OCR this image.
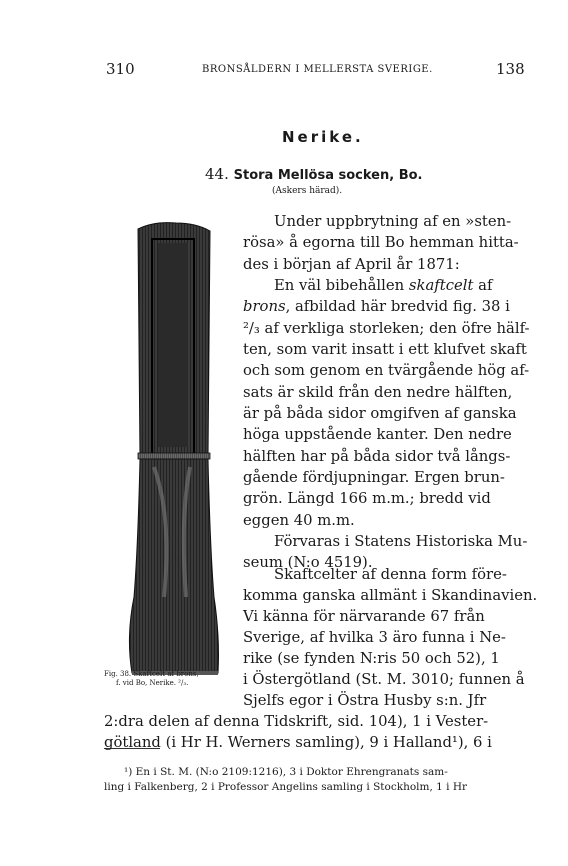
310	BRONSÅLDERN I MELLERSTA SVERIGE.	138
Nerike.
44. Stora Mellösa socken, Bo.
(Askers härad).
Fig. 38. Skaftcelt af brons,
f. vid Bo, Nerike. ²/₃.
Under uppbrytning af en »sten-
rösa» å egorna till Bo hemman hitta-
des i början af April år 1871:
En väl bibehållen skaftcelt af
brons, afbildad här bredvid fig. 38 i
²/₃ af verkliga storleken; den öfre hälf-
ten, som varit insatt i ett klufvet skaft
och som genom en tvärgående hög af-
sats är skild från den nedre hälften,
är på båda sidor omgifven af ganska
höga uppstående kanter. Den nedre
hälften har på båda sidor två långs-
gående fördjupningar. Ergen brun-
grön. Längd 166 m.m.; bredd vid
eggen 40 m.m.
Förvaras i Statens Historiska Mu-
seum (N:o 4519).
Skaftcelter af denna form före-
komma ganska allmänt i Skandinavien.
Vi känna för närvarande 67 från
Sverige, af hvilka 3 äro funna i Ne-
rike (se fynden N:ris 50 och 52), 1
i Östergötland (St. M. 3010; funnen å
Sjelfs egor i Östra Husby s:n. Jfr
2:dra delen af denna Tidskrift, sid. 104), 1 i Vester-
¹) En i St. M. (N:o 2109:1216), 3 i Doktor Ehrengranats sam-
ling i Falkenberg, 2 i Professor Angelins samling i Stockholm, 1 i Hr
götland (i Hr H. Werners samling), 9 i Halland¹), 6 i
